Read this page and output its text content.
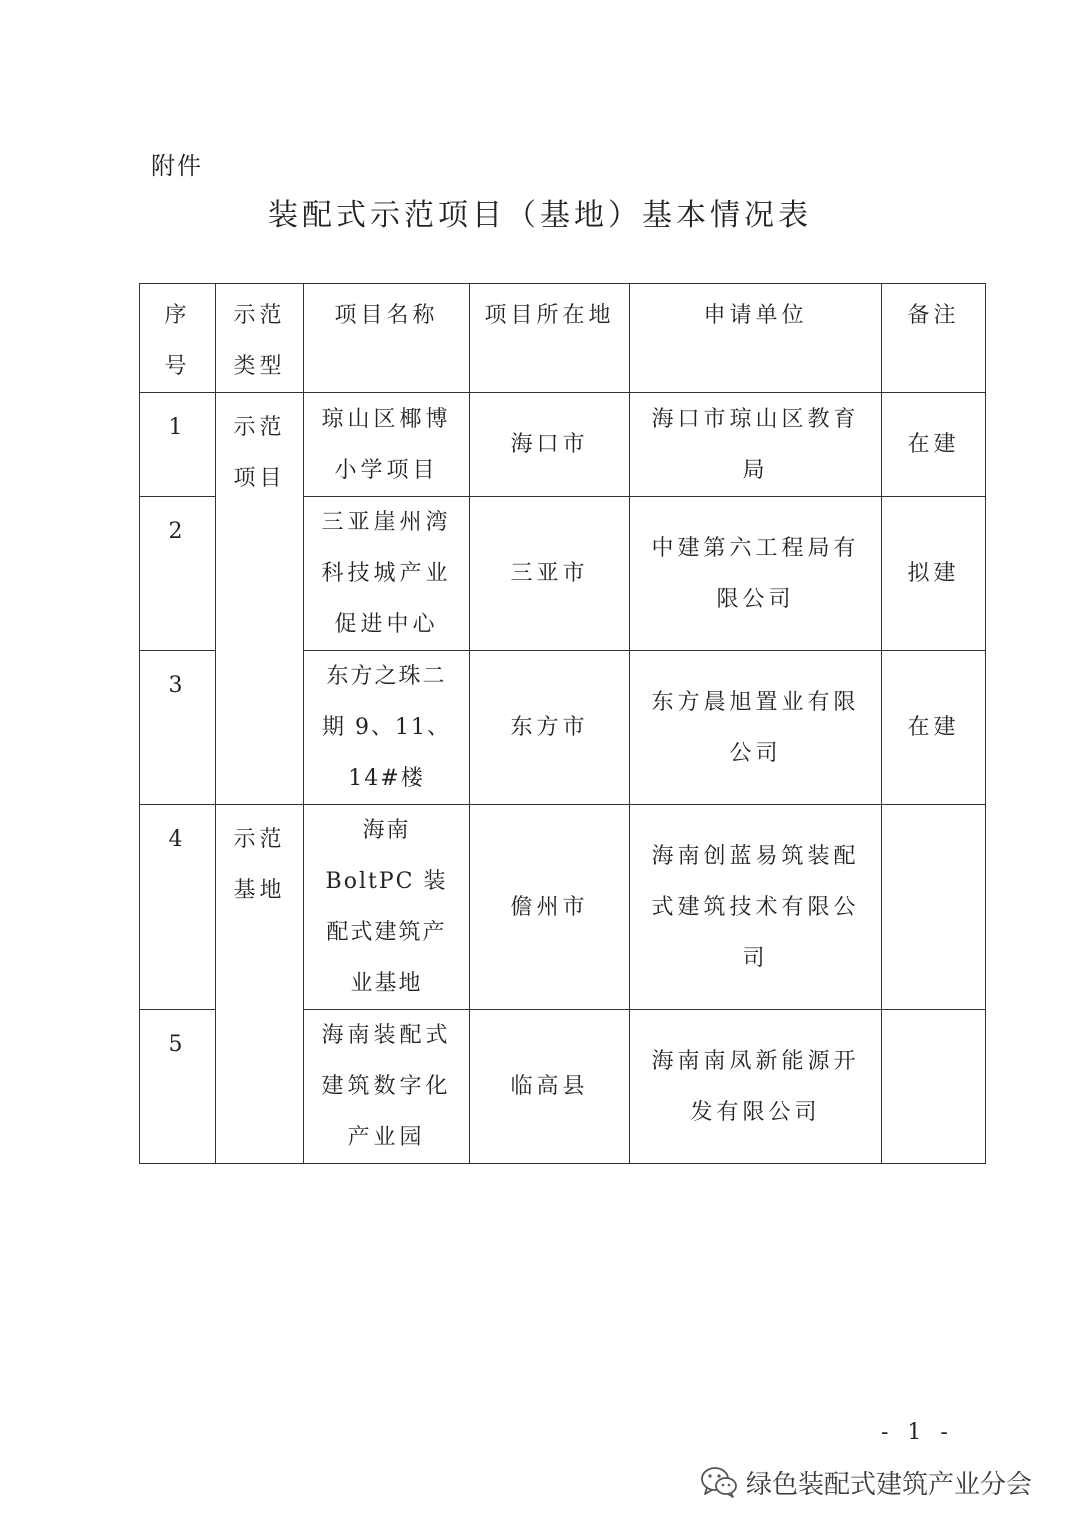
附件
装配式示范项目（基地）基本情况表
序号	示范类型	项目名称	项目所在地	申请单位	备注
1	示范项目	琼山区椰博小学项目	海口市	海口市琼山区教育局	在建
2		三亚崖州湾科技城产业促进中心	三亚市	中建第六工程局有限公司	拟建
3		东方之珠二期 9、11、14#楼	东方市	东方晨旭置业有限公司	在建
4	示范基地	海南 BoltPC 装配式建筑产业基地	儋州市	海南创蓝易筑装配式建筑技术有限公司	
5		海南装配式建筑数字化产业园	临高县	海南南凤新能源开发有限公司	
- 1 -
绿色装配式建筑产业分会
